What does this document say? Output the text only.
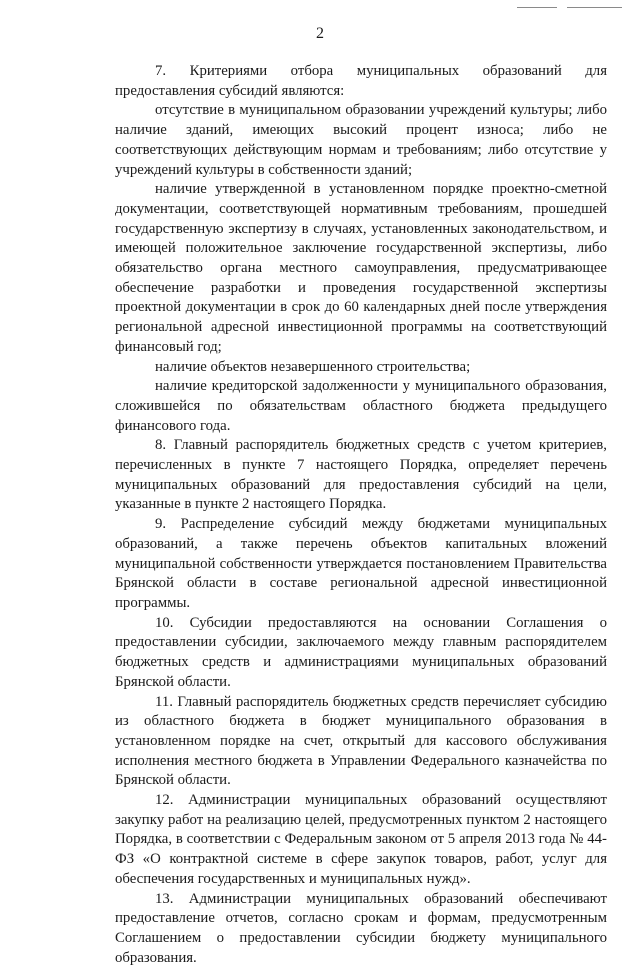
2

7. Критериями отбора муниципальных образований для предоставления субсидий являются:

отсутствие в муниципальном образовании учреждений культуры; либо наличие зданий, имеющих высокий процент износа; либо не соответствующих действующим нормам и требованиям; либо отсутствие у учреждений культуры в собственности зданий;

наличие утвержденной в установленном порядке проектно-сметной документации, соответствующей нормативным требованиям, прошедшей государственную экспертизу в случаях, установленных законодательством, и имеющей положительное заключение государственной экспертизы, либо обязательство органа местного самоуправления, предусматривающее обеспечение разработки и проведения государственной экспертизы проектной документации в срок до 60 календарных дней после утверждения региональной адресной инвестиционной программы на соответствующий финансовый год;

наличие объектов незавершенного строительства;

наличие кредиторской задолженности у муниципального образования, сложившейся по обязательствам областного бюджета предыдущего финансового года.

8. Главный распорядитель бюджетных средств с учетом критериев, перечисленных в пункте 7 настоящего Порядка, определяет перечень муниципальных образований для предоставления субсидий на цели, указанные в пункте 2 настоящего Порядка.

9. Распределение субсидий между бюджетами муниципальных образований, а также перечень объектов капитальных вложений муниципальной собственности утверждается постановлением Правительства Брянской области в составе региональной адресной инвестиционной программы.

10. Субсидии предоставляются на основании Соглашения о предоставлении субсидии, заключаемого между главным распорядителем бюджетных средств и администрациями муниципальных образований Брянской области.

11. Главный распорядитель бюджетных средств перечисляет субсидию из областного бюджета в бюджет муниципального образования в установленном порядке на счет, открытый для кассового обслуживания исполнения местного бюджета в Управлении Федерального казначейства по Брянской области.

12. Администрации муниципальных образований осуществляют закупку работ на реализацию целей, предусмотренных пунктом 2 настоящего Порядка, в соответствии с Федеральным законом от 5 апреля 2013 года № 44-ФЗ «О контрактной системе в сфере закупок товаров, работ, услуг для обеспечения государственных и муниципальных нужд».

13. Администрации муниципальных образований обеспечивают предоставление отчетов, согласно срокам и формам, предусмотренным Соглашением о предоставлении субсидии бюджету муниципального образования.
